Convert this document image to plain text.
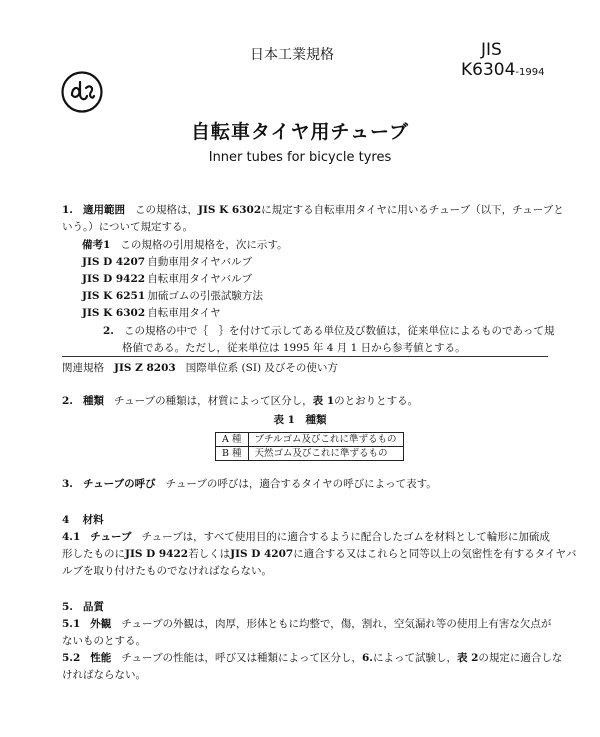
日本工業規格	JIS
K6304-1994
自転車タイヤ用チューブ
Inner tubes for bicycle tyres
1. 適用範囲 この規格は，JIS K 6302に規定する自転車用タイヤに用いるチューブ（以下，チューブと
いう。）について規定する。
備考1 この規格の引用規格を，次に示す。
JIS D 4207 自動車用タイヤバルブ
JIS D 9422 自転車用タイヤバルブ
JIS K 6251 加硫ゴムの引張試験方法
JIS K 6302 自転車用タイヤ
2. この規格の中で｛　｝を付けて示してある単位及び数値は，従来単位によるものであって規
格値である。ただし，従来単位は 1995 年 4 月 1 日から参考値とする。
関連規格 JIS Z 8203 国際単位系 (SI) 及びその使い方
2. 種類 チューブの種類は，材質によって区分し，表 1のとおりとする。
表 1　種類
A 種	ブチルゴム及びこれに準ずるもの
B 種	天然ゴム及びこれに準ずるもの
3. チューブの呼び チューブの呼びは，適合するタイヤの呼びによって表す。
4 材料
4.1 チューブ チューブは，すべて使用目的に適合するように配合したゴムを材料として輪形に加硫成
形したものにJIS D 9422若しくはJIS D 4207に適合する又はこれらと同等以上の気密性を有するタイヤバ
ルブを取り付けたものでなければならない。
5. 品質
5.1 外観 チューブの外観は，肉厚，形体ともに均整で，傷，割れ，空気漏れ等の使用上有害な欠点が
ないものとする。
5.2 性能 チューブの性能は，呼び又は種類によって区分し，6.によって試験し，表 2の規定に適合しな
ければならない。
